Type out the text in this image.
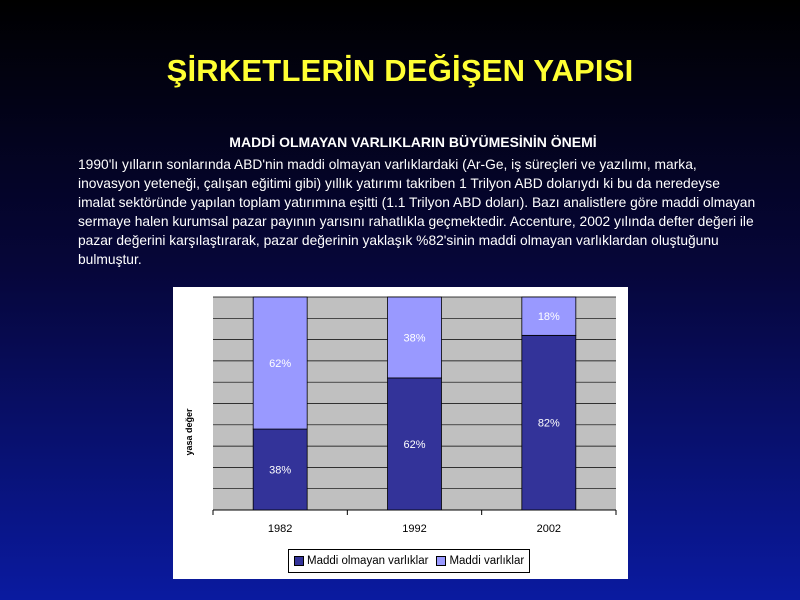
ŞİRKETLERİN DEĞİŞEN YAPISI
MADDİ OLMAYAN VARLIKLARIN BÜYÜMESİNİN ÖNEMİ
1990'lı yılların sonlarında ABD'nin maddi olmayan varlıklardaki (Ar-Ge, iş süreçleri ve yazılımı, marka, inovasyon yeteneği, çalışan eğitimi gibi) yıllık yatırımı takriben 1 Trilyon ABD dolarıydı ki bu da neredeyse imalat sektöründe yapılan toplam yatırımına eşitti (1.1 Trilyon ABD doları). Bazı analistlere göre maddi olmayan sermaye halen kurumsal pazar payının yarısını rahatlıkla geçmektedir. Accenture, 2002 yılında defter değeri ile pazar değerini karşılaştırarak, pazar değerinin yaklaşık %82'sinin maddi olmayan varlıklardan oluştuğunu bulmuştur.
38%
62%
1982
62%
38%
1992
82%
18%
2002
yasa değer
Maddi olmayan varlıklar Maddi varlıklar
